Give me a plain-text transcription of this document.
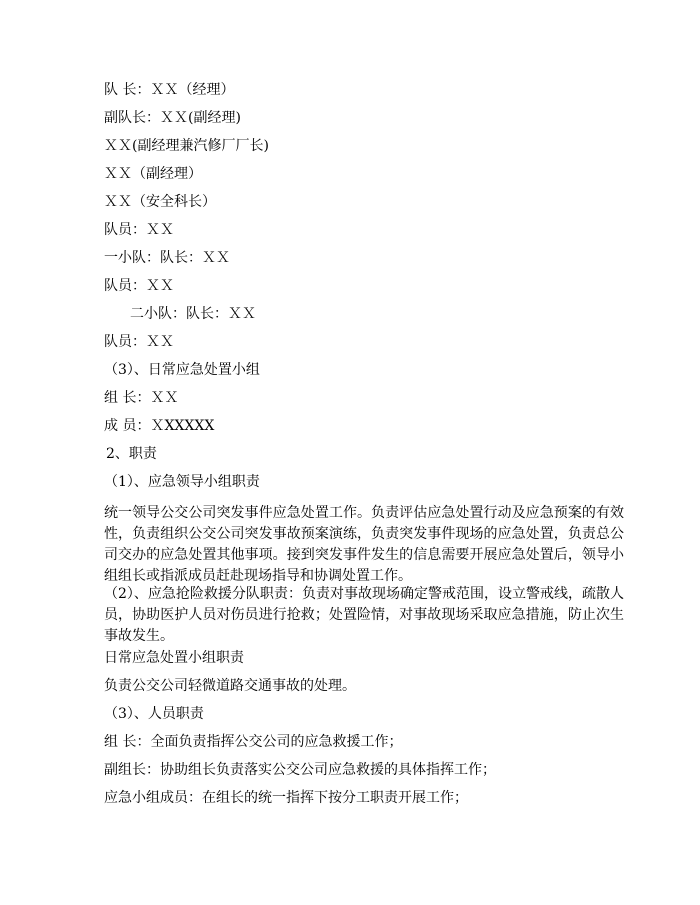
队 长：ＸＸ（经理）
副队长：ＸＸ(副经理)
ＸＸ(副经理兼汽修厂厂长)
ＸＸ（副经理）
ＸＸ（安全科长）
队员：ＸＸ
一小队：队长：ＸＸ
队员：ＸＸ
二小队：队长：ＸＸ
队员：ＸＸ
（3）、日常应急处置小组
组 长：ＸＸ
成 员：ＸXXXXX
2、职责
（1）、应急领导小组职责
统一领导公交公司突发事件应急处置工作。负责评估应急处置行动及应急预案的有效性，负责组织公交公司突发事故预案演练，负责突发事件现场的应急处置，负责总公司交办的应急处置其他事项。接到突发事件发生的信息需要开展应急处置后，领导小组组长或指派成员赶赴现场指导和协调处置工作。
（2）、应急抢险救援分队职责：负责对事故现场确定警戒范围，设立警戒线，疏散人员，协助医护人员对伤员进行抢救；处置险情，对事故现场采取应急措施，防止次生事故发生。
日常应急处置小组职责
负责公交公司轻微道路交通事故的处理。
（3）、人员职责
组 长：全面负责指挥公交公司的应急救援工作；
副组长：协助组长负责落实公交公司应急救援的具体指挥工作；
应急小组成员：在组长的统一指挥下按分工职责开展工作；
